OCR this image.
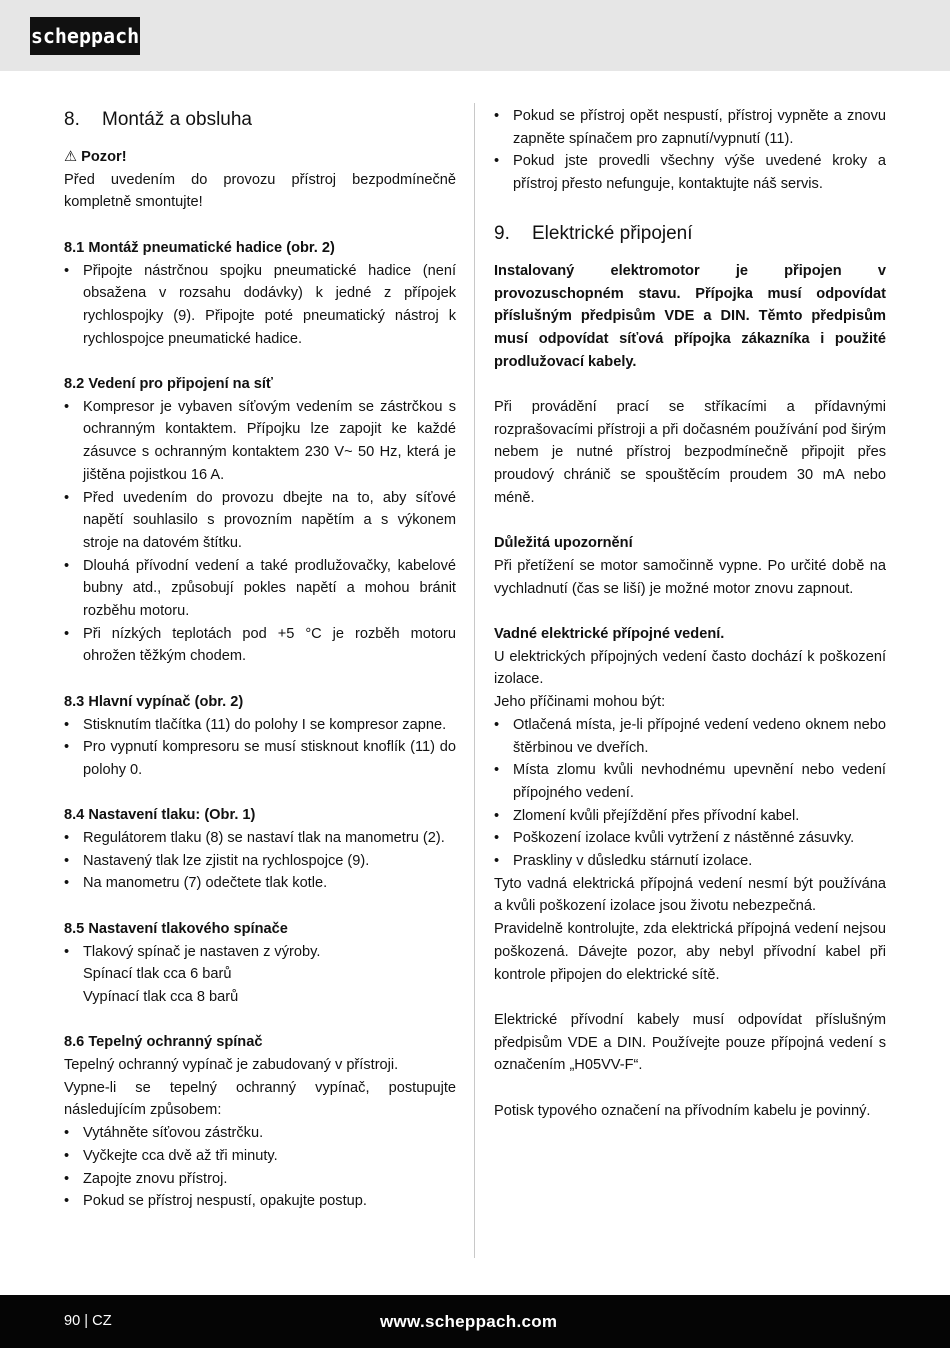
scheppach
8. Montáž a obsluha

⚠ Pozor!

Před uvedením do provozu přístroj bezpodmínečně kompletně smontujte!

8.1 Montáž pneumatické hadice (obr. 2)

• Připojte nástrčnou spojku pneumatické hadice (není obsažena v rozsahu dodávky) k jedné z přípojek rychlospojky (9). Připojte poté pneumatický nástroj k rychlospojce pneumatické hadice.

8.2 Vedení pro připojení na síť

• Kompresor je vybaven síťovým vedením se zástrčkou s ochranným kontaktem. Přípojku lze zapojit ke každé zásuvce s ochranným kontaktem 230 V~ 50 Hz, která je jištěna pojistkou 16 A.
• Před uvedením do provozu dbejte na to, aby síťové napětí souhlasilo s provozním napětím a s výkonem stroje na datovém štítku.
• Dlouhá přívodní vedení a také prodlužovačky, kabelové bubny atd., způsobují pokles napětí a mohou bránit rozběhu motoru.
• Při nízkých teplotách pod +5 °C je rozběh motoru ohrožen těžkým chodem.

8.3 Hlavní vypínač (obr. 2)

• Stisknutím tlačítka (11) do polohy I se kompresor zapne.
• Pro vypnutí kompresoru se musí stisknout knoflík (11) do polohy 0.

8.4 Nastavení tlaku: (Obr. 1)

• Regulátorem tlaku (8) se nastaví tlak na manometru (2).
• Nastavený tlak lze zjistit na rychlospojce (9).
• Na manometru (7) odečtete tlak kotle.

8.5 Nastavení tlakového spínače

• Tlakový spínač je nastaven z výroby.

Spínací tlak cca 6 barů

Vypínací tlak cca 8 barů

8.6 Tepelný ochranný spínač

Tepelný ochranný vypínač je zabudovaný v přístroji.

Vypne-li se tepelný ochranný vypínač, postupujte následujícím způsobem:

• Vytáhněte síťovou zástrčku.
• Vyčkejte cca dvě až tři minuty.
• Zapojte znovu přístroj.
• Pokud se přístroj nespustí, opakujte postup.
• Pokud se přístroj opět nespustí, přístroj vypněte a znovu zapněte spínačem pro zapnutí/vypnutí (11).
• Pokud jste provedli všechny výše uvedené kroky a přístroj přesto nefunguje, kontaktujte náš servis.
9. Elektrické připojení

Instalovaný elektromotor je připojen v provozuschopném stavu. Přípojka musí odpovídat příslušným předpisům VDE a DIN. Těmto předpisům musí odpovídat síťová přípojka zákazníka i použité prodlužovací kabely.

Při provádění prací se stříkacími a přídavnými rozprašovacími přístroji a při dočasném používání pod širým nebem je nutné přístroj bezpodmínečně připojit přes proudový chránič se spouštěcím proudem 30 mA nebo méně.

Důležitá upozornění

Při přetížení se motor samočinně vypne. Po určité době na vychladnutí (čas se liší) je možné motor znovu zapnout.

Vadné elektrické přípojné vedení.

U elektrických přípojných vedení často dochází k poškození izolace.

Jeho příčinami mohou být:

• Otlačená místa, je-li přípojné vedení vedeno oknem nebo štěrbinou ve dveřích.
• Místa zlomu kvůli nevhodnému upevnění nebo vedení přípojného vedení.
• Zlomení kvůli přejíždění přes přívodní kabel.
• Poškození izolace kvůli vytržení z nástěnné zásuvky.
• Praskliny v důsledku stárnutí izolace.

Tyto vadná elektrická přípojná vedení nesmí být používána a kvůli poškození izolace jsou životu nebezpečná.

Pravidelně kontrolujte, zda elektrická přípojná vedení nejsou poškozená. Dávejte pozor, aby nebyl přívodní kabel při kontrole připojen do elektrické sítě.

Elektrické přívodní kabely musí odpovídat příslušným předpisům VDE a DIN. Používejte pouze přípojná vedení s označením „H05VV-F“.

Potisk typového označení na přívodním kabelu je povinný.

90 | CZ	www.scheppach.com
